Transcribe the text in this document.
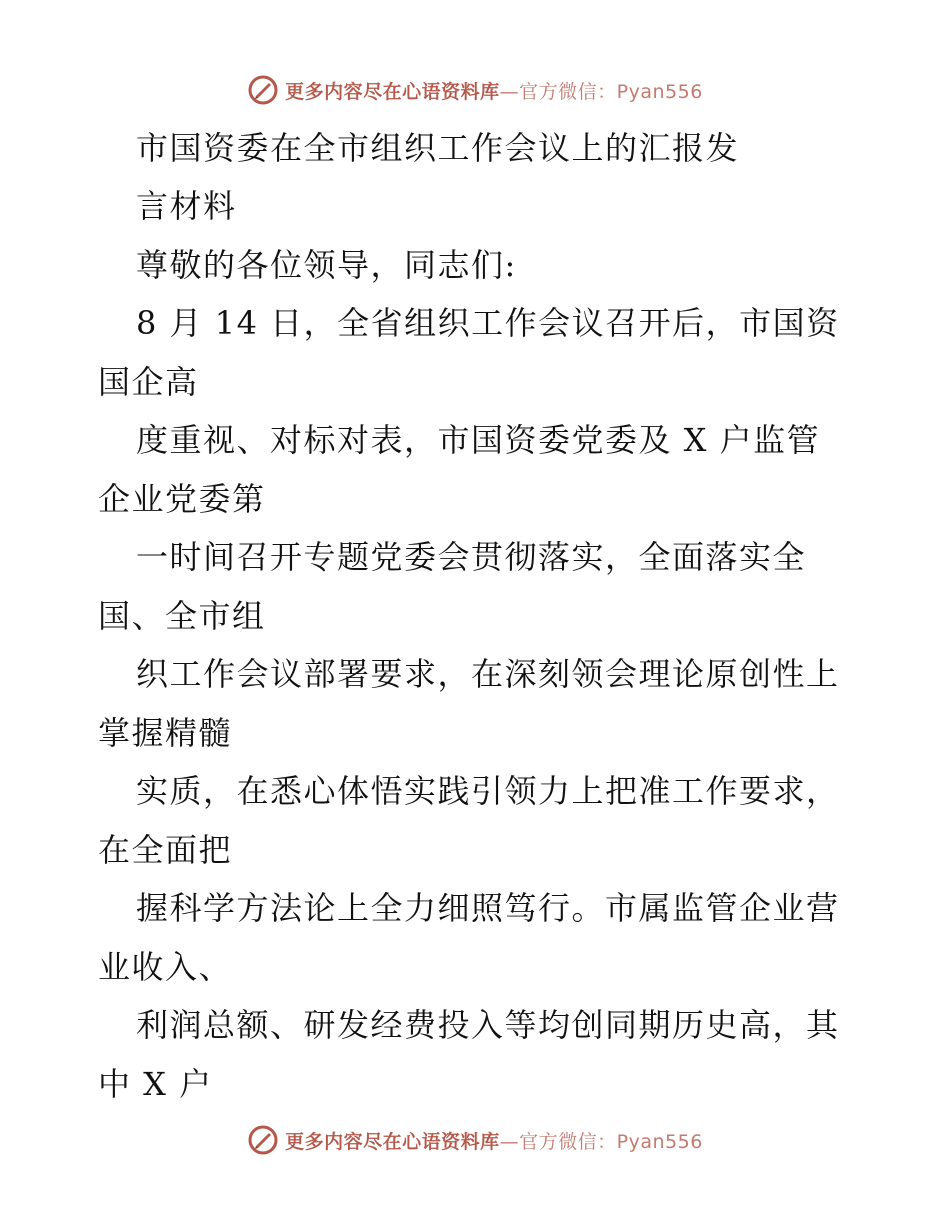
更多内容尽在心语资料库—官方微信：Pyan556
市国资委在全市组织工作会议上的汇报发
言材料
尊敬的各位领导，同志们:
8 月 14 日，全省组织工作会议召开后，市国资
国企高
度重视、对标对表，市国资委党委及 X 户监管
企业党委第
一时间召开专题党委会贯彻落实，全面落实全
国、全市组
织工作会议部署要求，在深刻领会理论原创性上
掌握精髓
实质，在悉心体悟实践引领力上把准工作要求，
在全面把
握科学方法论上全力细照笃行。市属监管企业营
业收入、
利润总额、研发经费投入等均创同期历史高，其
中 X 户
更多内容尽在心语资料库—官方微信：Pyan556
